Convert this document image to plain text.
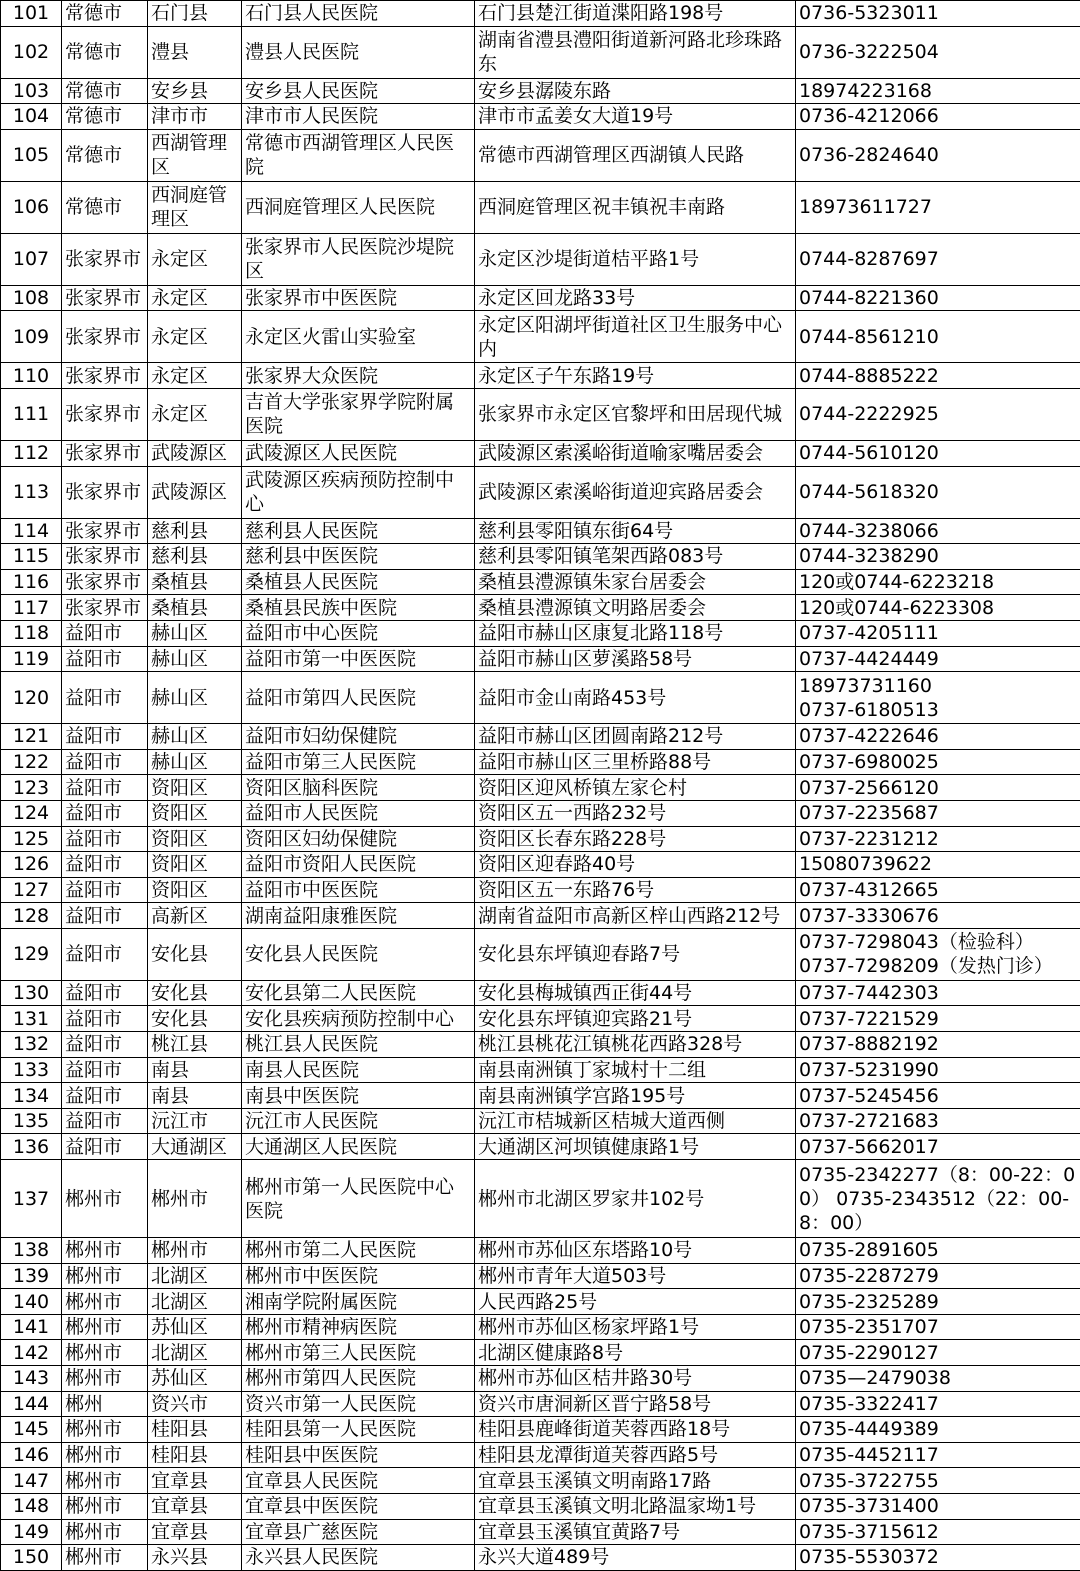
101	常德市	石门县	石门县人民医院	石门县楚江街道渫阳路198号	0736-5323011
102	常德市	澧县	澧县人民医院	湖南省澧县澧阳街道新河路北珍珠路东	0736-3222504
103	常德市	安乡县	安乡县人民医院	安乡县潺陵东路	18974223168
104	常德市	津市市	津市市人民医院	津市市孟姜女大道19号	0736-4212066
105	常德市	西湖管理区	常德市西湖管理区人民医院	常德市西湖管理区西湖镇人民路	0736-2824640
106	常德市	西洞庭管理区	西洞庭管理区人民医院	西洞庭管理区祝丰镇祝丰南路	18973611727
107	张家界市	永定区	张家界市人民医院沙堤院区	永定区沙堤街道桔平路1号	0744-8287697
108	张家界市	永定区	张家界市中医医院	永定区回龙路33号	0744-8221360
109	张家界市	永定区	永定区火雷山实验室	永定区阳湖坪街道社区卫生服务中心内	0744-8561210
110	张家界市	永定区	张家界大众医院	永定区子午东路19号	0744-8885222
111	张家界市	永定区	吉首大学张家界学院附属医院	张家界市永定区官黎坪和田居现代城	0744-2222925
112	张家界市	武陵源区	武陵源区人民医院	武陵源区索溪峪街道喻家嘴居委会	0744-5610120
113	张家界市	武陵源区	武陵源区疾病预防控制中心	武陵源区索溪峪街道迎宾路居委会	0744-5618320
114	张家界市	慈利县	慈利县人民医院	慈利县零阳镇东街64号	0744-3238066
115	张家界市	慈利县	慈利县中医医院	慈利县零阳镇笔架西路083号	0744-3238290
116	张家界市	桑植县	桑植县人民医院	桑植县澧源镇朱家台居委会	120或0744-6223218
117	张家界市	桑植县	桑植县民族中医院	桑植县澧源镇文明路居委会	120或0744-6223308
118	益阳市	赫山区	益阳市中心医院	益阳市赫山区康复北路118号	0737-4205111
119	益阳市	赫山区	益阳市第一中医医院	益阳市赫山区萝溪路58号	0737-4424449
120	益阳市	赫山区	益阳市第四人民医院	益阳市金山南路453号	18973731160
0737-6180513
121	益阳市	赫山区	益阳市妇幼保健院	益阳市赫山区团圆南路212号	0737-4222646
122	益阳市	赫山区	益阳市第三人民医院	益阳市赫山区三里桥路88号	0737-6980025
123	益阳市	资阳区	资阳区脑科医院	资阳区迎风桥镇左家仑村	0737-2566120
124	益阳市	资阳区	益阳市人民医院	资阳区五一西路232号	0737-2235687
125	益阳市	资阳区	资阳区妇幼保健院	资阳区长春东路228号	0737-2231212
126	益阳市	资阳区	益阳市资阳人民医院	资阳区迎春路40号	15080739622
127	益阳市	资阳区	益阳市中医医院	资阳区五一东路76号	0737-4312665
128	益阳市	高新区	湖南益阳康雅医院	湖南省益阳市高新区梓山西路212号	0737-3330676
129	益阳市	安化县	安化县人民医院	安化县东坪镇迎春路7号	0737-7298043（检验科）
0737-7298209（发热门诊）
130	益阳市	安化县	安化县第二人民医院	安化县梅城镇西正街44号	0737-7442303
131	益阳市	安化县	安化县疾病预防控制中心	安化县东坪镇迎宾路21号	0737-7221529
132	益阳市	桃江县	桃江县人民医院	桃江县桃花江镇桃花西路328号	0737-8882192
133	益阳市	南县	南县人民医院	南县南洲镇丁家城村十二组	0737-5231990
134	益阳市	南县	南县中医医院	南县南洲镇学宫路195号	0737-5245456
135	益阳市	沅江市	沅江市人民医院	沅江市桔城新区桔城大道西侧	0737-2721683
136	益阳市	大通湖区	大通湖区人民医院	大通湖区河坝镇健康路1号	0737-5662017
137	郴州市	郴州市	郴州市第一人民医院中心医院	郴州市北湖区罗家井102号	0735-2342277（8：00-22：00） 0735-2343512（22：00-8：00）
138	郴州市	郴州市	郴州市第二人民医院	郴州市苏仙区东塔路10号	0735-2891605
139	郴州市	北湖区	郴州市中医医院	郴州市青年大道503号	0735-2287279
140	郴州市	北湖区	湘南学院附属医院	人民西路25号	0735-2325289
141	郴州市	苏仙区	郴州市精神病医院	郴州市苏仙区杨家坪路1号	0735-2351707
142	郴州市	北湖区	郴州市第三人民医院	北湖区健康路8号	0735-2290127
143	郴州市	苏仙区	郴州市第四人民医院	郴州市苏仙区桔井路30号	0735—2479038
144	郴州	资兴市	资兴市第一人民医院	资兴市唐洞新区晋宁路58号	0735-3322417
145	郴州市	桂阳县	桂阳县第一人民医院	桂阳县鹿峰街道芙蓉西路18号	0735-4449389
146	郴州市	桂阳县	桂阳县中医医院	桂阳县龙潭街道芙蓉西路5号	0735-4452117
147	郴州市	宜章县	宜章县人民医院	宜章县玉溪镇文明南路17路	0735-3722755
148	郴州市	宜章县	宜章县中医医院	宜章县玉溪镇文明北路温家坳1号	0735-3731400
149	郴州市	宜章县	宜章县广慈医院	宜章县玉溪镇宜黄路7号	0735-3715612
150	郴州市	永兴县	永兴县人民医院	永兴大道489号	0735-5530372
